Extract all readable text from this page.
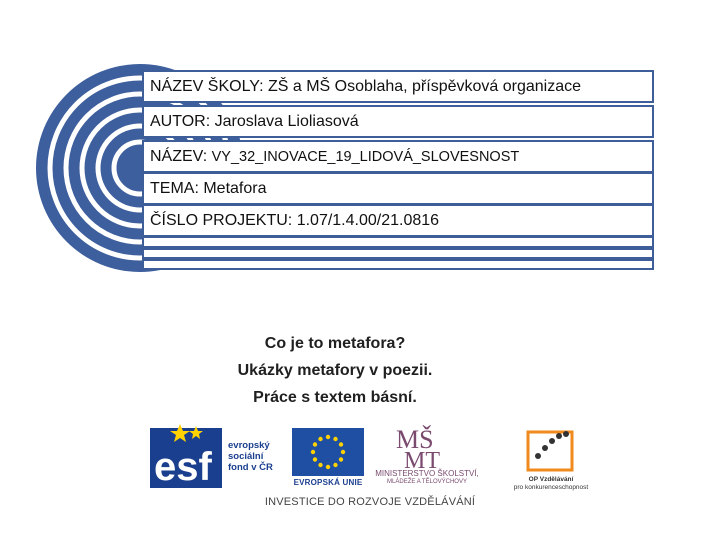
NÁZEV ŠKOLY: ZŠ a MŠ Osoblaha, příspěvková organizace
AUTOR: Jaroslava Lioliasová
NÁZEV: VY_32_INOVACE_19_LIDOVÁ_SLOVESNOST
TEMA: Metafora
ČÍSLO PROJEKTU: 1.07/1.4.00/21.0816
Co je to metafora?
Ukázky metafory v poezii.
Práce s textem básní.
esf evropský
sociální
fond v ČR
EVROPSKÁ UNIE
MŠ
MT
MINISTERSTVO ŠKOLSTVÍ,
MLÁDEŽE A TĚLOVÝCHOVY	OP Vzdělávání
pro konkurenceschopnost
INVESTICE DO ROZVOJE VZDĚLÁVÁNÍ
